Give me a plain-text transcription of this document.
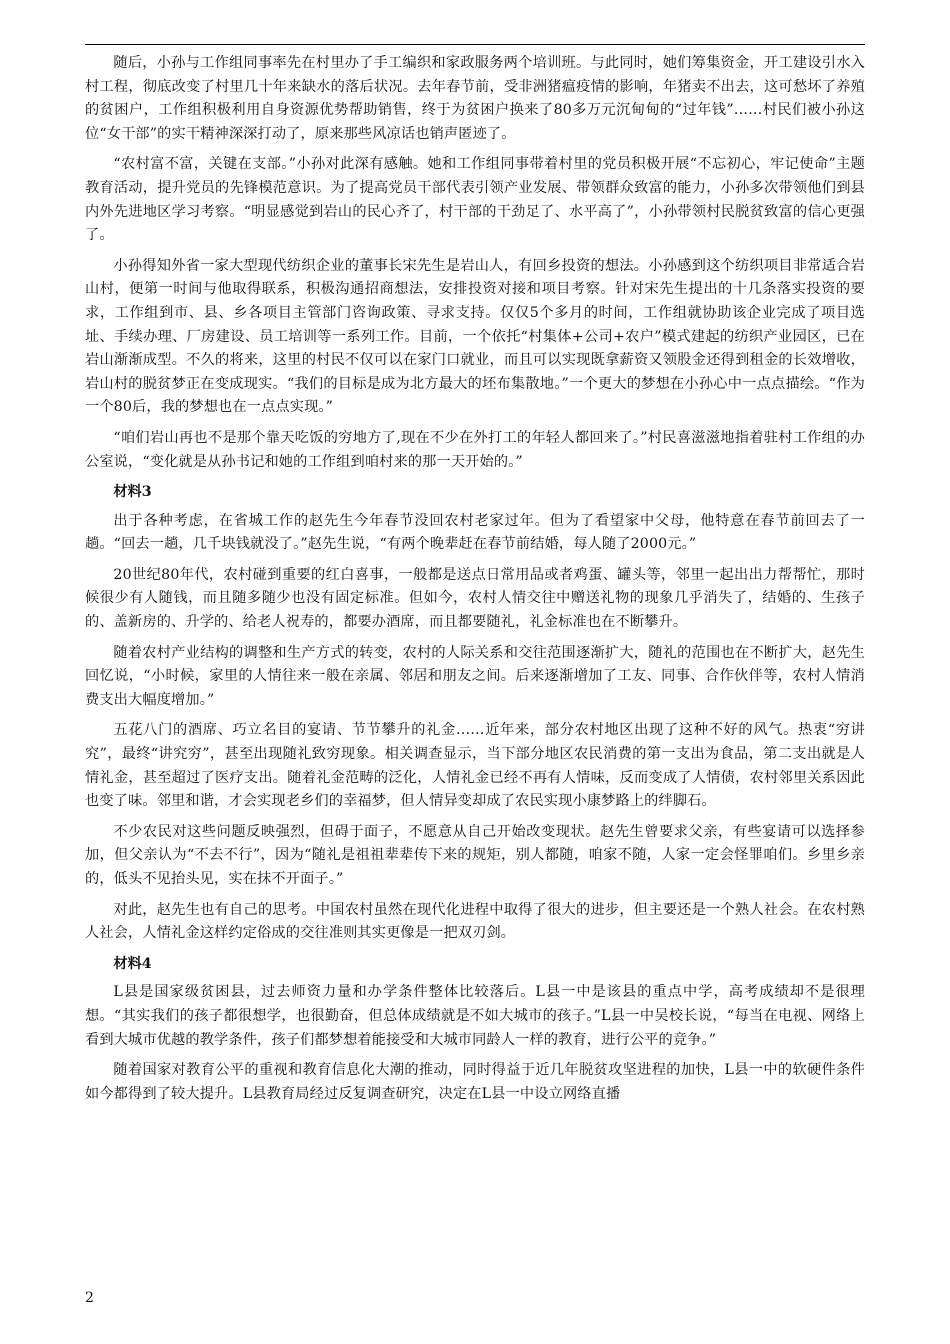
随后，小孙与工作组同事率先在村里办了手工编织和家政服务两个培训班。与此同时，她们筹集资金，开工建设引水入村工程，彻底改变了村里几十年来缺水的落后状况。去年春节前，受非洲猪瘟疫情的影响，年猪卖不出去，这可愁坏了养殖的贫困户，工作组积极利用自身资源优势帮助销售，终于为贫困户换来了80多万元沉甸甸的“过年钱”……村民们被小孙这位“女干部”的实干精神深深打动了，原来那些风凉话也销声匿迹了。

“农村富不富，关键在支部。”小孙对此深有感触。她和工作组同事带着村里的党员积极开展“不忘初心，牢记使命”主题教育活动，提升党员的先锋模范意识。为了提高党员干部代表引领产业发展、带领群众致富的能力，小孙多次带领他们到县内外先进地区学习考察。“明显感觉到岩山的民心齐了，村干部的干劲足了、水平高了”，小孙带领村民脱贫致富的信心更强了。

小孙得知外省一家大型现代纺织企业的董事长宋先生是岩山人，有回乡投资的想法。小孙感到这个纺织项目非常适合岩山村，便第一时间与他取得联系，积极沟通招商想法，安排投资对接和项目考察。针对宋先生提出的十几条落实投资的要求，工作组到市、县、乡各项目主管部门咨询政策、寻求支持。仅仅5个多月的时间，工作组就协助该企业完成了项目选址、手续办理、厂房建设、员工培训等一系列工作。目前，一个依托“村集体+公司+农户”模式建起的纺织产业园区，已在岩山渐渐成型。不久的将来，这里的村民不仅可以在家门口就业，而且可以实现既拿薪资又领股金还得到租金的长效增收，岩山村的脱贫梦正在变成现实。“我们的目标是成为北方最大的坯布集散地。”一个更大的梦想在小孙心中一点点描绘。“作为一个80后，我的梦想也在一点点实现。”

“咱们岩山再也不是那个靠天吃饭的穷地方了,现在不少在外打工的年轻人都回来了。”村民喜滋滋地指着驻村工作组的办公室说，“变化就是从孙书记和她的工作组到咱村来的那一天开始的。”

材料3

出于各种考虑，在省城工作的赵先生今年春节没回农村老家过年。但为了看望家中父母，他特意在春节前回去了一趟。“回去一趟，几千块钱就没了。”赵先生说，“有两个晚辈赶在春节前结婚，每人随了2000元。”

20世纪80年代，农村碰到重要的红白喜事，一般都是送点日常用品或者鸡蛋、罐头等，邻里一起出出力帮帮忙，那时候很少有人随钱，而且随多随少也没有固定标准。但如今，农村人情交往中赠送礼物的现象几乎消失了，结婚的、生孩子的、盖新房的、升学的、给老人祝寿的，都要办酒席，而且都要随礼，礼金标准也在不断攀升。

随着农村产业结构的调整和生产方式的转变，农村的人际关系和交往范围逐渐扩大，随礼的范围也在不断扩大，赵先生回忆说，“小时候，家里的人情往来一般在亲属、邻居和朋友之间。后来逐渐增加了工友、同事、合作伙伴等，农村人情消费支出大幅度增加。”

五花八门的酒席、巧立名目的宴请、节节攀升的礼金……近年来，部分农村地区出现了这种不好的风气。热衷“穷讲究”，最终“讲究穷”，甚至出现随礼致穷现象。相关调查显示，当下部分地区农民消费的第一支出为食品，第二支出就是人情礼金，甚至超过了医疗支出。随着礼金范畴的泛化，人情礼金已经不再有人情味，反而变成了人情债，农村邻里关系因此也变了味。邻里和谐，才会实现老乡们的幸福梦，但人情异变却成了农民实现小康梦路上的绊脚石。

不少农民对这些问题反映强烈，但碍于面子，不愿意从自己开始改变现状。赵先生曾要求父亲，有些宴请可以选择参加，但父亲认为“不去不行”，因为“随礼是祖祖辈辈传下来的规矩，别人都随，咱家不随，人家一定会怪罪咱们。乡里乡亲的，低头不见抬头见，实在抹不开面子。”

对此，赵先生也有自己的思考。中国农村虽然在现代化进程中取得了很大的进步，但主要还是一个熟人社会。在农村熟人社会，人情礼金这样约定俗成的交往准则其实更像是一把双刃剑。

材料4

L县是国家级贫困县，过去师资力量和办学条件整体比较落后。L县一中是该县的重点中学，高考成绩却不是很理想。“其实我们的孩子都很想学，也很勤奋，但总体成绩就是不如大城市的孩子。”L县一中吴校长说，“每当在电视、网络上看到大城市优越的教学条件，孩子们都梦想着能接受和大城市同龄人一样的教育，进行公平的竞争。”

随着国家对教育公平的重视和教育信息化大潮的推动，同时得益于近几年脱贫攻坚进程的加快，L县一中的软硬件条件如今都得到了较大提升。L县教育局经过反复调查研究，决定在L县一中设立网络直播

2
